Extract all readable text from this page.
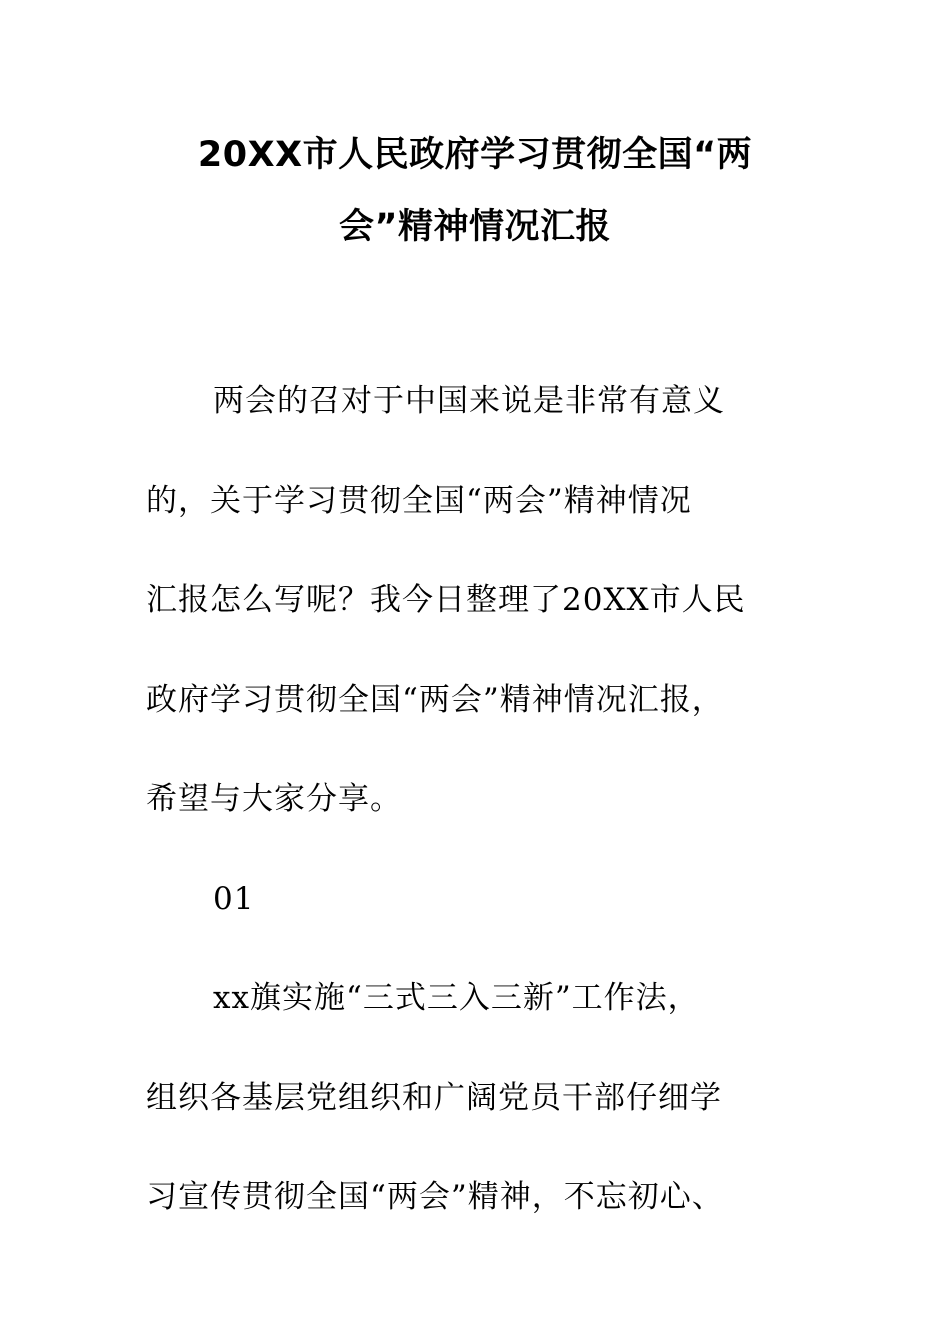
20XX市人民政府学习贯彻全国“两
会”精神情况汇报
两会的召对于中国来说是非常有意义
的，关于学习贯彻全国“两会”精神情况
汇报怎么写呢？我今日整理了20XX市人民
政府学习贯彻全国“两会”精神情况汇报，
希望与大家分享。
01
xx旗实施“三式三入三新”工作法，
组织各基层党组织和广阔党员干部仔细学
习宣传贯彻全国“两会”精神，不忘初心、
